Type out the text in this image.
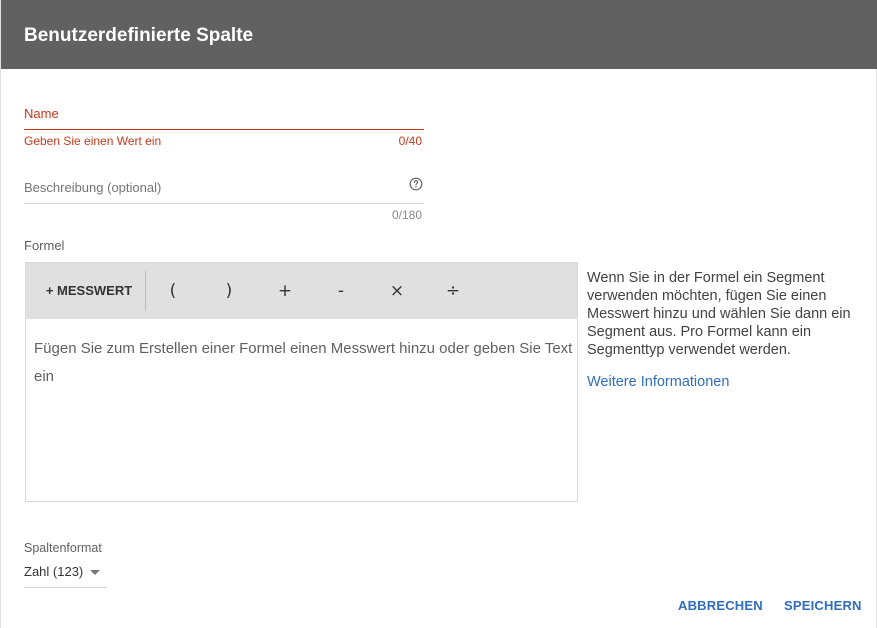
Benutzerdefinierte Spalte
Name
Geben Sie einen Wert ein	0/40
Beschreibung (optional)
0/180
Formel
+ MESSWERT	(	)	+	-	×	÷
Fügen Sie zum Erstellen einer Formel einen Messwert hinzu oder geben Sie Text ein
Wenn Sie in der Formel ein Segment verwenden möchten, fügen Sie einen Messwert hinzu und wählen Sie dann ein Segment aus. Pro Formel kann ein Segmenttyp verwendet werden.
Weitere Informationen
Spaltenformat
Zahl (123)
ABBRECHEN SPEICHERN
